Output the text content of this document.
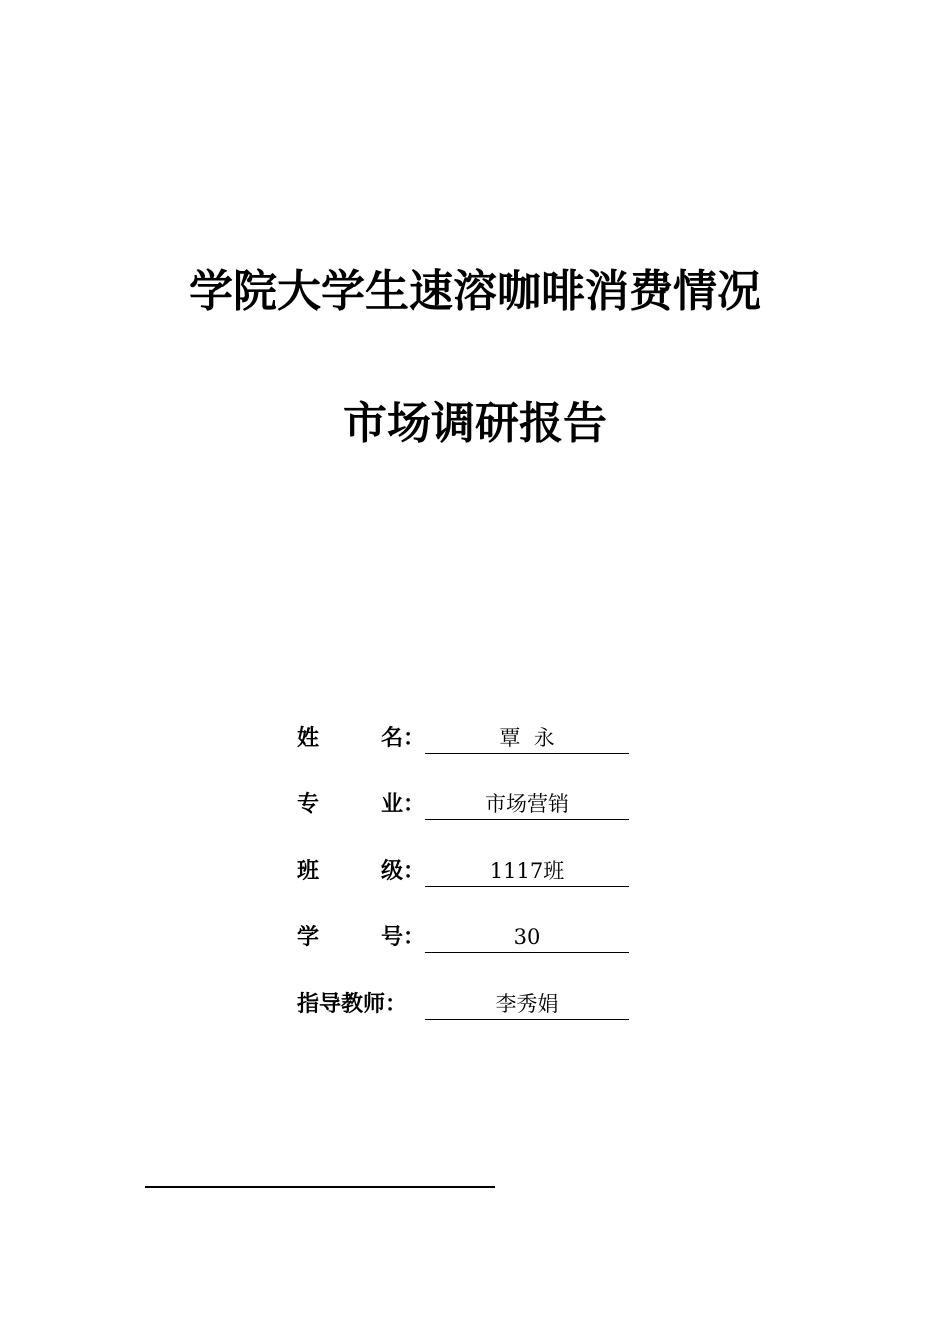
学院大学生速溶咖啡消费情况
市场调研报告
姓	名：	覃  永
专	业：	市场营销
班	级：	1117班
学	号：	30
指导教师：	李秀娟
